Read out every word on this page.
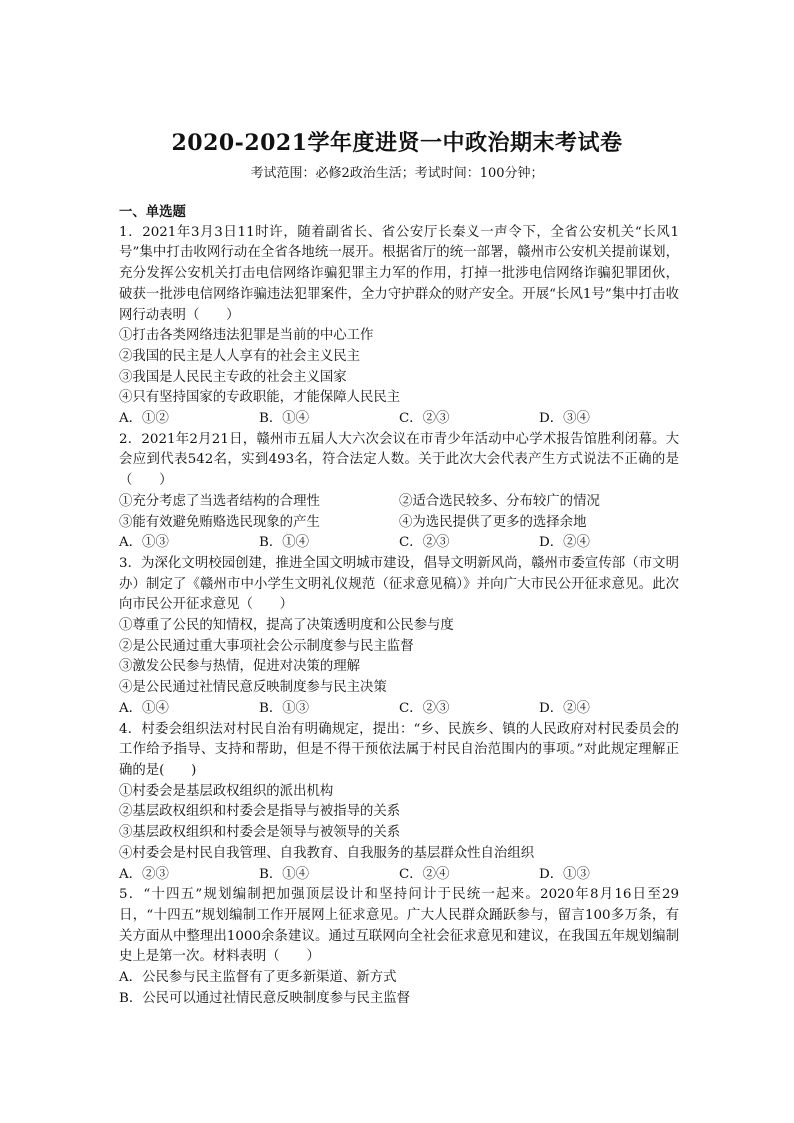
2020-2021学年度进贤一中政治期末考试卷
考试范围：必修2政治生活；考试时间：100分钟；
一、单选题
1．2021年3月3日11时许，随着副省长、省公安厅长秦义一声令下，全省公安机关“长风1号”集中打击收网行动在全省各地统一展开。根据省厅的统一部署，赣州市公安机关提前谋划，充分发挥公安机关打击电信网络诈骗犯罪主力军的作用，打掉一批涉电信网络诈骗犯罪团伙，破获一批涉电信网络诈骗违法犯罪案件，全力守护群众的财产安全。开展“长风1号”集中打击收网行动表明（　　）
①打击各类网络违法犯罪是当前的中心工作
②我国的民主是人人享有的社会主义民主
③我国是人民民主专政的社会主义国家
④只有坚持国家的专政职能，才能保障人民民主
A．①②	B．①④	C．②③	D．③④
2．2021年2月21日，赣州市五届人大六次会议在市青少年活动中心学术报告馆胜利闭幕。大会应到代表542名，实到493名，符合法定人数。关于此次大会代表产生方式说法不正确的是（　　）
①充分考虑了当选者结构的合理性	②适合选民较多、分布较广的情况
③能有效避免贿赂选民现象的产生	④为选民提供了更多的选择余地
A．①③	B．①④	C．②③	D．②④
3．为深化文明校园创建，推进全国文明城市建设，倡导文明新风尚，赣州市委宣传部（市文明办）制定了《赣州市中小学生文明礼仪规范（征求意见稿）》并向广大市民公开征求意见。此次向市民公开征求意见（　　）
①尊重了公民的知情权，提高了决策透明度和公民参与度
②是公民通过重大事项社会公示制度参与民主监督
③激发公民参与热情，促进对决策的理解
④是公民通过社情民意反映制度参与民主决策
A．①④	B．①③	C．②③	D．②④
4．村委会组织法对村民自治有明确规定，提出：“乡、民族乡、镇的人民政府对村民委员会的工作给予指导、支持和帮助，但是不得干预依法属于村民自治范围内的事项。”对此规定理解正确的是(　　)
①村委会是基层政权组织的派出机构
②基层政权组织和村委会是指导与被指导的关系
③基层政权组织和村委会是领导与被领导的关系
④村委会是村民自我管理、自我教育、自我服务的基层群众性自治组织
A．②③	B．①④	C．②④	D．①③
5．“十四五”规划编制把加强顶层设计和坚持问计于民统一起来。2020年8月16日至29日，“十四五”规划编制工作开展网上征求意见。广大人民群众踊跃参与，留言100多万条，有关方面从中整理出1000余条建议。通过互联网向全社会征求意见和建议，在我国五年规划编制史上是第一次。材料表明（　　）
A．公民参与民主监督有了更多新渠道、新方式
B．公民可以通过社情民意反映制度参与民主监督
